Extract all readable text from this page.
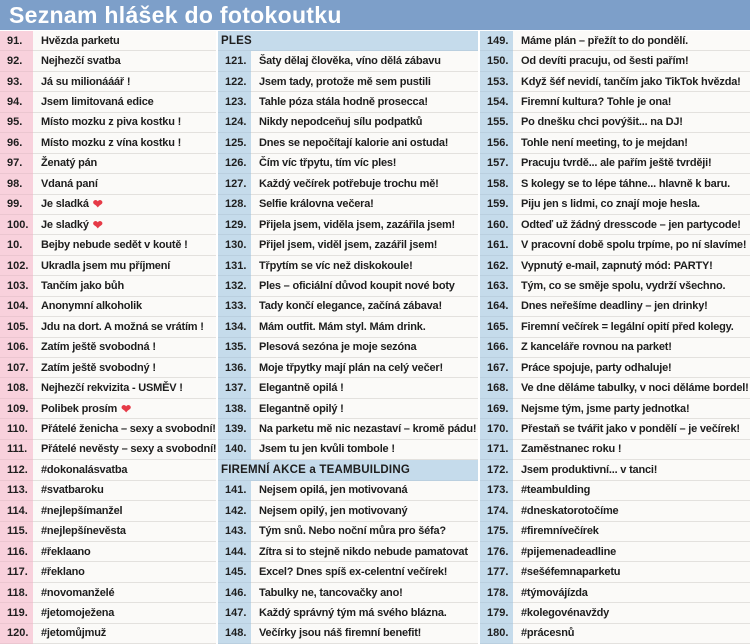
Seznam hlášek do fotokoutku
91.	Hvězda parketu
92.	Nejhezčí svatba
93.	Já su milionááář !
94.	Jsem limitovaná edice
95.	Místo mozku z piva kostku !
96.	Místo mozku z vína kostku !
97.	Ženatý pán
98.	Vdaná paní
99.	Je sladká ❤
100.	Je sladký ❤
10.	Bejby nebude sedět v koutě !
102.	Ukradla jsem mu příjmení
103.	Tančím jako bůh
104.	Anonymní alkoholik
105.	Jdu na dort. A možná se vrátím !
106.	Zatím ještě svobodná !
107.	Zatím ještě svobodný !
108.	Nejhezčí rekvizita - USMĚV !
109.	Polibek prosím ❤
110.	Přátelé ženicha – sexy a svobodní!
111.	Přátelé nevěsty – sexy a svobodní!
112.	#dokonalásvatba
113.	#svatbaroku
114.	#nejlepšímanžel
115.	#nejlepšínevěsta
116.	#řeklaano
117.	#řeklano
118.	#novomanželé
119.	#jetomoježena
120.	#jetomůjmuž
PLES
121.	Šaty dělaj člověka, víno dělá zábavu
122.	Jsem tady, protože mě sem pustili
123.	Tahle póza stála hodně prosecca!
124.	Nikdy nepodceňuj sílu podpatků
125.	Dnes se nepočítají kalorie ani ostuda!
126.	Čím víc třpytu, tím víc ples!
127.	Každý večírek potřebuje trochu mě!
128.	Selfie královna večera!
129.	Přijela jsem, viděla jsem, zazářila jsem!
130.	Přijel jsem, viděl jsem, zazářil jsem!
131.	Třpytím se víc než diskokoule!
132.	Ples – oficiální důvod koupit nové boty
133.	Tady končí elegance, začíná zábava!
134.	Mám outfit. Mám styl. Mám drink.
135.	Plesová sezóna je moje sezóna
136.	Moje třpytky mají plán na celý večer!
137.	Elegantně opilá !
138.	Elegantně opilý !
139.	Na parketu mě nic nezastaví – kromě pádu!
140.	Jsem tu jen kvůli tombole !
FIREMNÍ AKCE a TEAMBUILDING
141.	Nejsem opilá, jen motivovaná
142.	Nejsem opilý, jen motivovaný
143.	Tým snů. Nebo noční můra pro šéfa?
144.	Zítra si to stejně nikdo nebude pamatovat
145.	Excel? Dnes spíš ex-celentní večírek!
146.	Tabulky ne, tancovačky ano!
147.	Každý správný tým má svého blázna.
148.	Večírky jsou náš firemní benefit!
149.	Máme plán – přežít to do pondělí.
150.	Od devíti pracuju, od šesti pařím!
153.	Když šéf nevidí, tančím jako TikTok hvězda!
154.	Firemní kultura? Tohle je ona!
155.	Po dnešku chci povýšit... na DJ!
156.	Tohle není meeting, to je mejdan!
157.	Pracuju tvrdě... ale pařím ještě tvrději!
158.	S kolegy se to lépe táhne... hlavně k baru.
159.	Piju jen s lidmi, co znají moje hesla.
160.	Odteď už žádný dresscode – jen partycode!
161.	V pracovní době spolu trpíme, po ní slavíme!
162.	Vypnutý e-mail, zapnutý mód: PARTY!
163.	Tým, co se směje spolu, vydrží všechno.
164.	Dnes neřešíme deadliny – jen drinky!
165.	Firemní večírek = legální opití před kolegy.
166.	Z kanceláře rovnou na parket!
167.	Práce spojuje, party odhaluje!
168.	Ve dne děláme tabulky, v noci děláme bordel!
169.	Nejsme tým, jsme party jednotka!
170.	Přestaň se tvářit jako v pondělí – je večírek!
171.	Zaměstnanec roku !
172.	Jsem produktivní... v tanci!
173.	#teambulding
174.	#dneskatorotočíme
175.	#firemnívečírek
176.	#pijemenadeadline
177.	#sešéfemnaparketu
178.	#týmovájízda
179.	#kolegovénavždy
180.	#prácesnů
